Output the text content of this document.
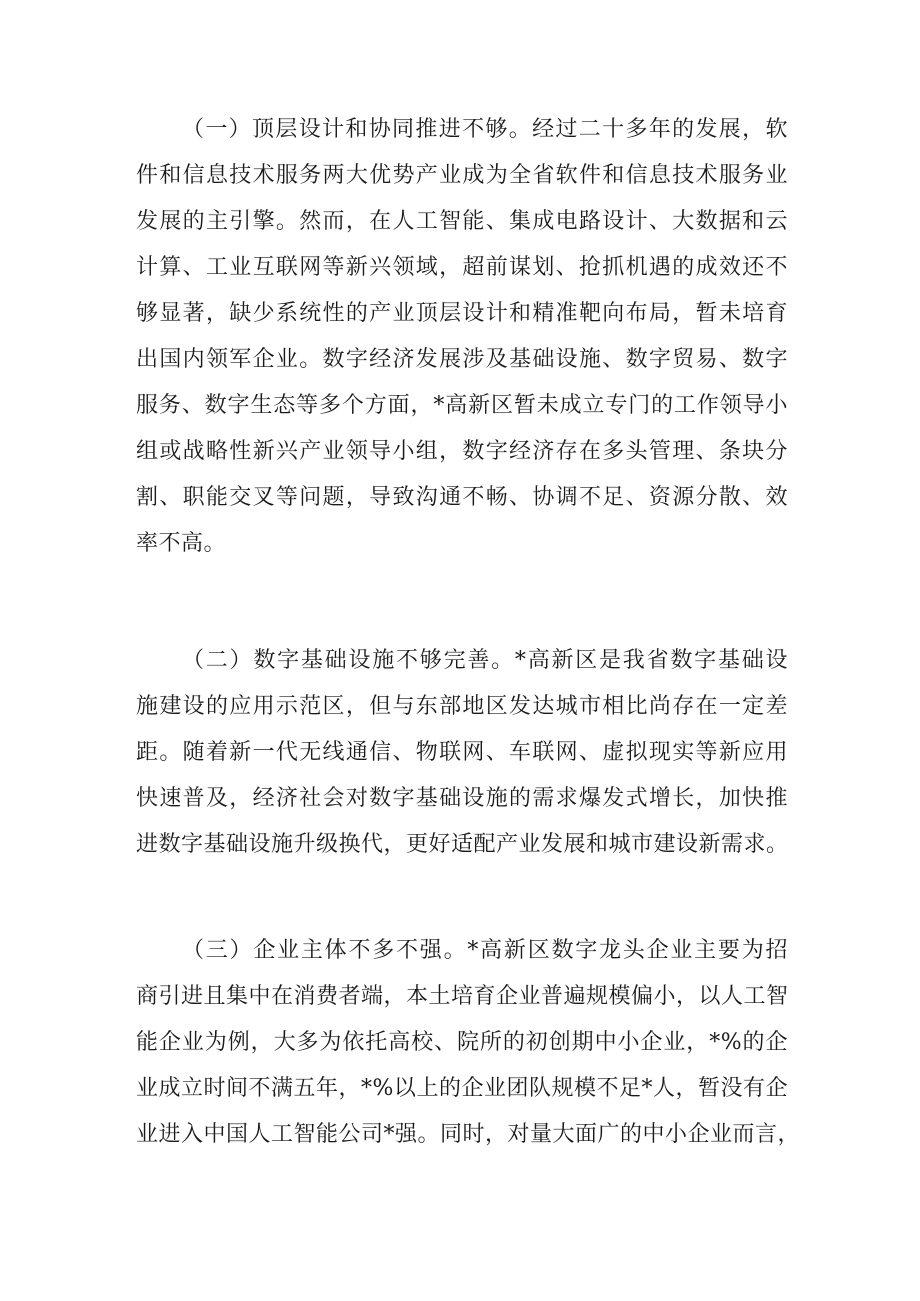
（一）顶层设计和协同推进不够。经过二十多年的发展，软
件和信息技术服务两大优势产业成为全省软件和信息技术服务业
发展的主引擎。然而，在人工智能、集成电路设计、大数据和云
计算、工业互联网等新兴领域，超前谋划、抢抓机遇的成效还不
够显著，缺少系统性的产业顶层设计和精准靶向布局，暂未培育
出国内领军企业。数字经济发展涉及基础设施、数字贸易、数字
服务、数字生态等多个方面，*高新区暂未成立专门的工作领导小
组或战略性新兴产业领导小组，数字经济存在多头管理、条块分
割、职能交叉等问题，导致沟通不畅、协调不足、资源分散、效
率不高。
（二）数字基础设施不够完善。*高新区是我省数字基础设
施建设的应用示范区，但与东部地区发达城市相比尚存在一定差
距。随着新一代无线通信、物联网、车联网、虚拟现实等新应用
快速普及，经济社会对数字基础设施的需求爆发式增长，加快推
进数字基础设施升级换代，更好适配产业发展和城市建设新需求。
（三）企业主体不多不强。*高新区数字龙头企业主要为招
商引进且集中在消费者端，本土培育企业普遍规模偏小，以人工智
能企业为例，大多为依托高校、院所的初创期中小企业，*%的企
业成立时间不满五年，*%以上的企业团队规模不足*人，暂没有企
业进入中国人工智能公司*强。同时，对量大面广的中小企业而言，
